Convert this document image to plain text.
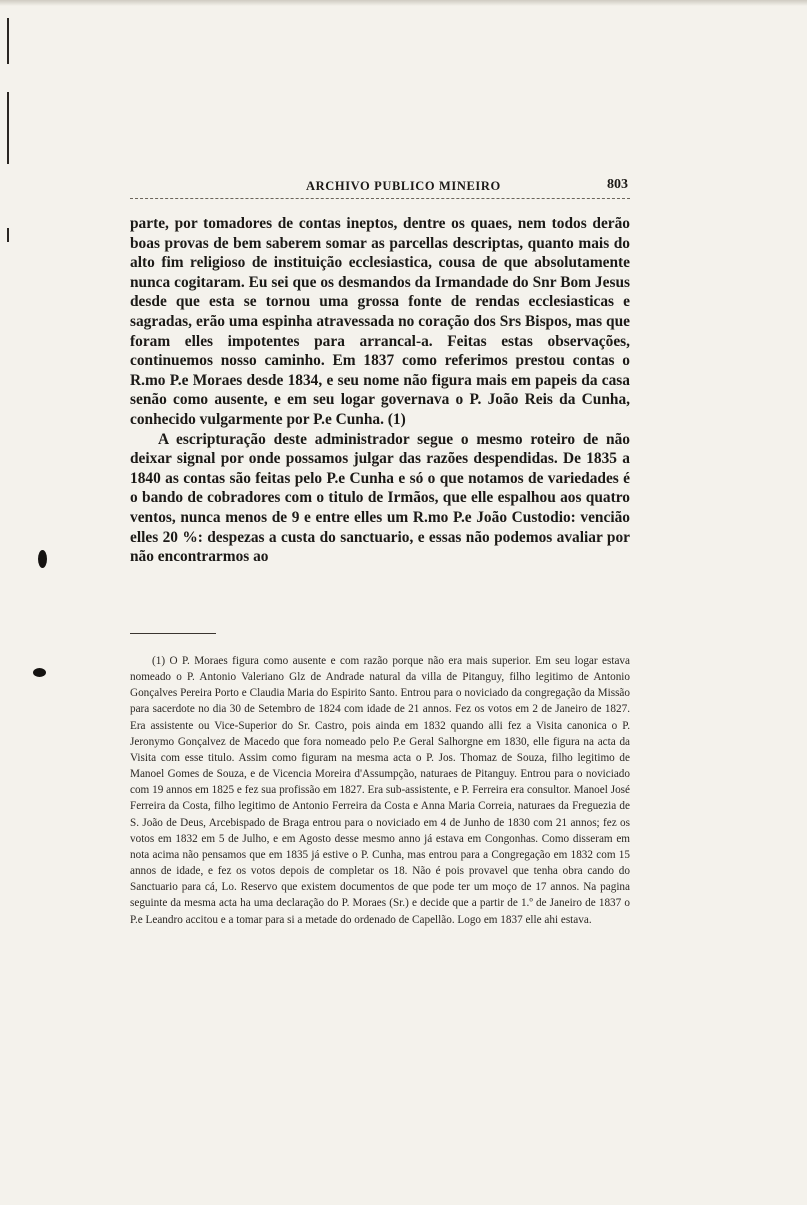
ARCHIVO PUBLICO MINEIRO	803

parte, por tomadores de contas ineptos, dentre os quaes, nem todos derão boas provas de bem saberem somar as parcellas descriptas, quanto mais do alto fim religioso de instituição ecclesiastica, cousa de que absolutamente nunca cogitaram. Eu sei que os desmandos da Irmandade do Snr Bom Jesus desde que esta se tornou uma grossa fonte de rendas ecclesiasticas e sagradas, erão uma espinha atravessada no coração dos Srs Bispos, mas que foram elles impotentes para arrancal-a. Feitas estas observações, continuemos nosso caminho. Em 1837 como referimos prestou contas o R.mo P.e Moraes desde 1834, e seu nome não figura mais em papeis da casa senão como ausente, e em seu logar governava o P. João Reis da Cunha, conhecido vulgarmente por P.e Cunha. (1)

A escripturação deste administrador segue o mesmo roteiro de não deixar signal por onde possamos julgar das razões despendidas. De 1835 a 1840 as contas são feitas pelo P.e Cunha e só o que notamos de variedades é o bando de cobradores com o titulo de Irmãos, que elle espalhou aos quatro ventos, nunca menos de 9 e entre elles um R.mo P.e João Custodio: vencião elles 20 %: despezas a custa do sanctuario, e essas não podemos avaliar por não encontrarmos ao

(1) O P. Moraes figura como ausente e com razão porque não era mais superior. Em seu logar estava nomeado o P. Antonio Valeriano Glz de Andrade natural da villa de Pitanguy, filho legitimo de Antonio Gonçalves Pereira Porto e Claudia Maria do Espirito Santo. Entrou para o noviciado da congregação da Missão para sacerdote no dia 30 de Setembro de 1824 com idade de 21 annos. Fez os votos em 2 de Janeiro de 1827. Era assistente ou Vice-Superior do Sr. Castro, pois ainda em 1832 quando alli fez a Visita canonica o P. Jeronymo Gonçalvez de Macedo que fora nomeado pelo P.e Geral Salhorgne em 1830, elle figura na acta da Visita com esse titulo. Assim como figuram na mesma acta o P. Jos. Thomaz de Souza, filho legitimo de Manoel Gomes de Souza, e de Vicencia Moreira d'Assumpção, naturaes de Pitanguy. Entrou para o noviciado com 19 annos em 1825 e fez sua profissão em 1827. Era sub-assistente, e P. Ferreira era consultor. Manoel José Ferreira da Costa, filho legitimo de Antonio Ferreira da Costa e Anna Maria Correia, naturaes da Freguezia de S. João de Deus, Arcebispado de Braga entrou para o noviciado em 4 de Junho de 1830 com 21 annos; fez os votos em 1832 em 5 de Julho, e em Agosto desse mesmo anno já estava em Congonhas. Como disseram em nota acima não pensamos que em 1835 já estive o P. Cunha, mas entrou para a Congregação em 1832 com 15 annos de idade, e fez os votos depois de completar os 18. Não é pois provavel que tenha obra cando do Sanctuario para cá, Lo. Reservo que existem documentos de que pode ter um moço de 17 annos. Na pagina seguinte da mesma acta ha uma declaração do P. Moraes (Sr.) e decide que a partir de 1.º de Janeiro de 1837 o P.e Leandro accitou e a tomar para si a metade do ordenado de Capellão. Logo em 1837 elle ahi estava.
